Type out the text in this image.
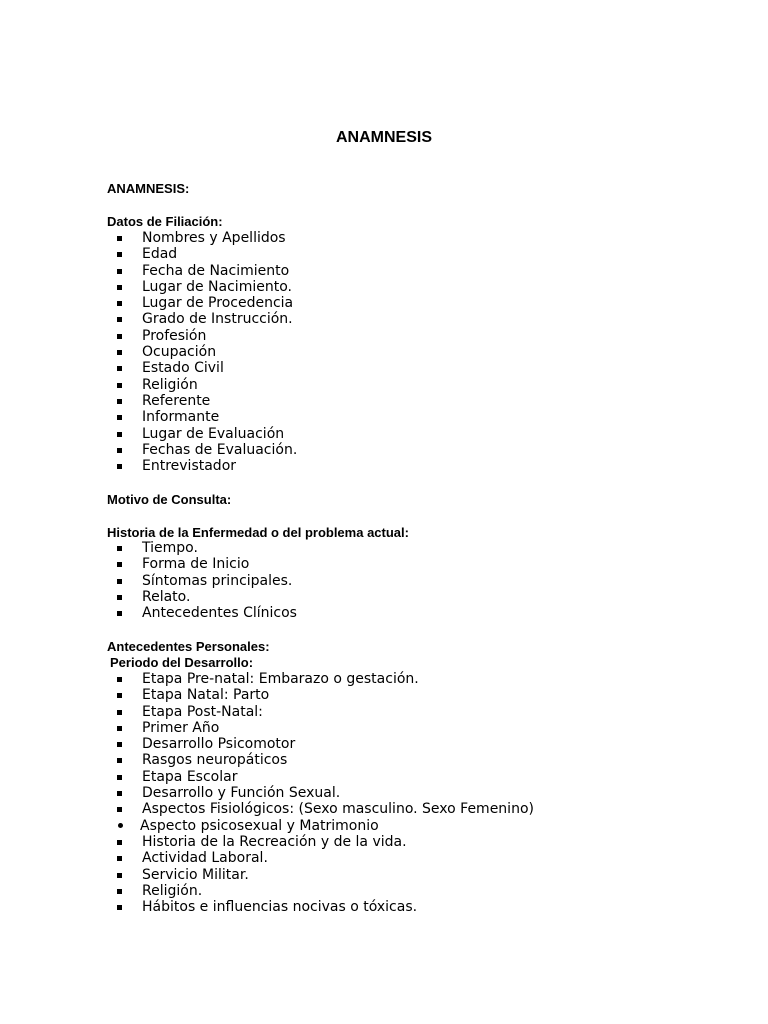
ANAMNESIS
ANAMNESIS:
Datos de Filiación:
Nombres y Apellidos
Edad
Fecha de Nacimiento
Lugar de Nacimiento.
Lugar de Procedencia
Grado de Instrucción.
Profesión
Ocupación
Estado Civil
Religión
Referente
Informante
Lugar de Evaluación
Fechas de Evaluación.
Entrevistador
Motivo de Consulta:
Historia de la Enfermedad o del problema actual:
Tiempo.
Forma de Inicio
Síntomas principales.
Relato.
Antecedentes Clínicos
Antecedentes Personales:
Periodo del Desarrollo:
Etapa Pre-natal: Embarazo o gestación.
Etapa Natal: Parto
Etapa Post-Natal:
Primer Año
Desarrollo Psicomotor
Rasgos neuropáticos
Etapa Escolar
Desarrollo y Función Sexual.
Aspectos Fisiológicos: (Sexo masculino. Sexo Femenino)
Aspecto psicosexual y Matrimonio
Historia de la Recreación y de la vida.
Actividad Laboral.
Servicio Militar.
Religión.
Hábitos e influencias nocivas o tóxicas.
